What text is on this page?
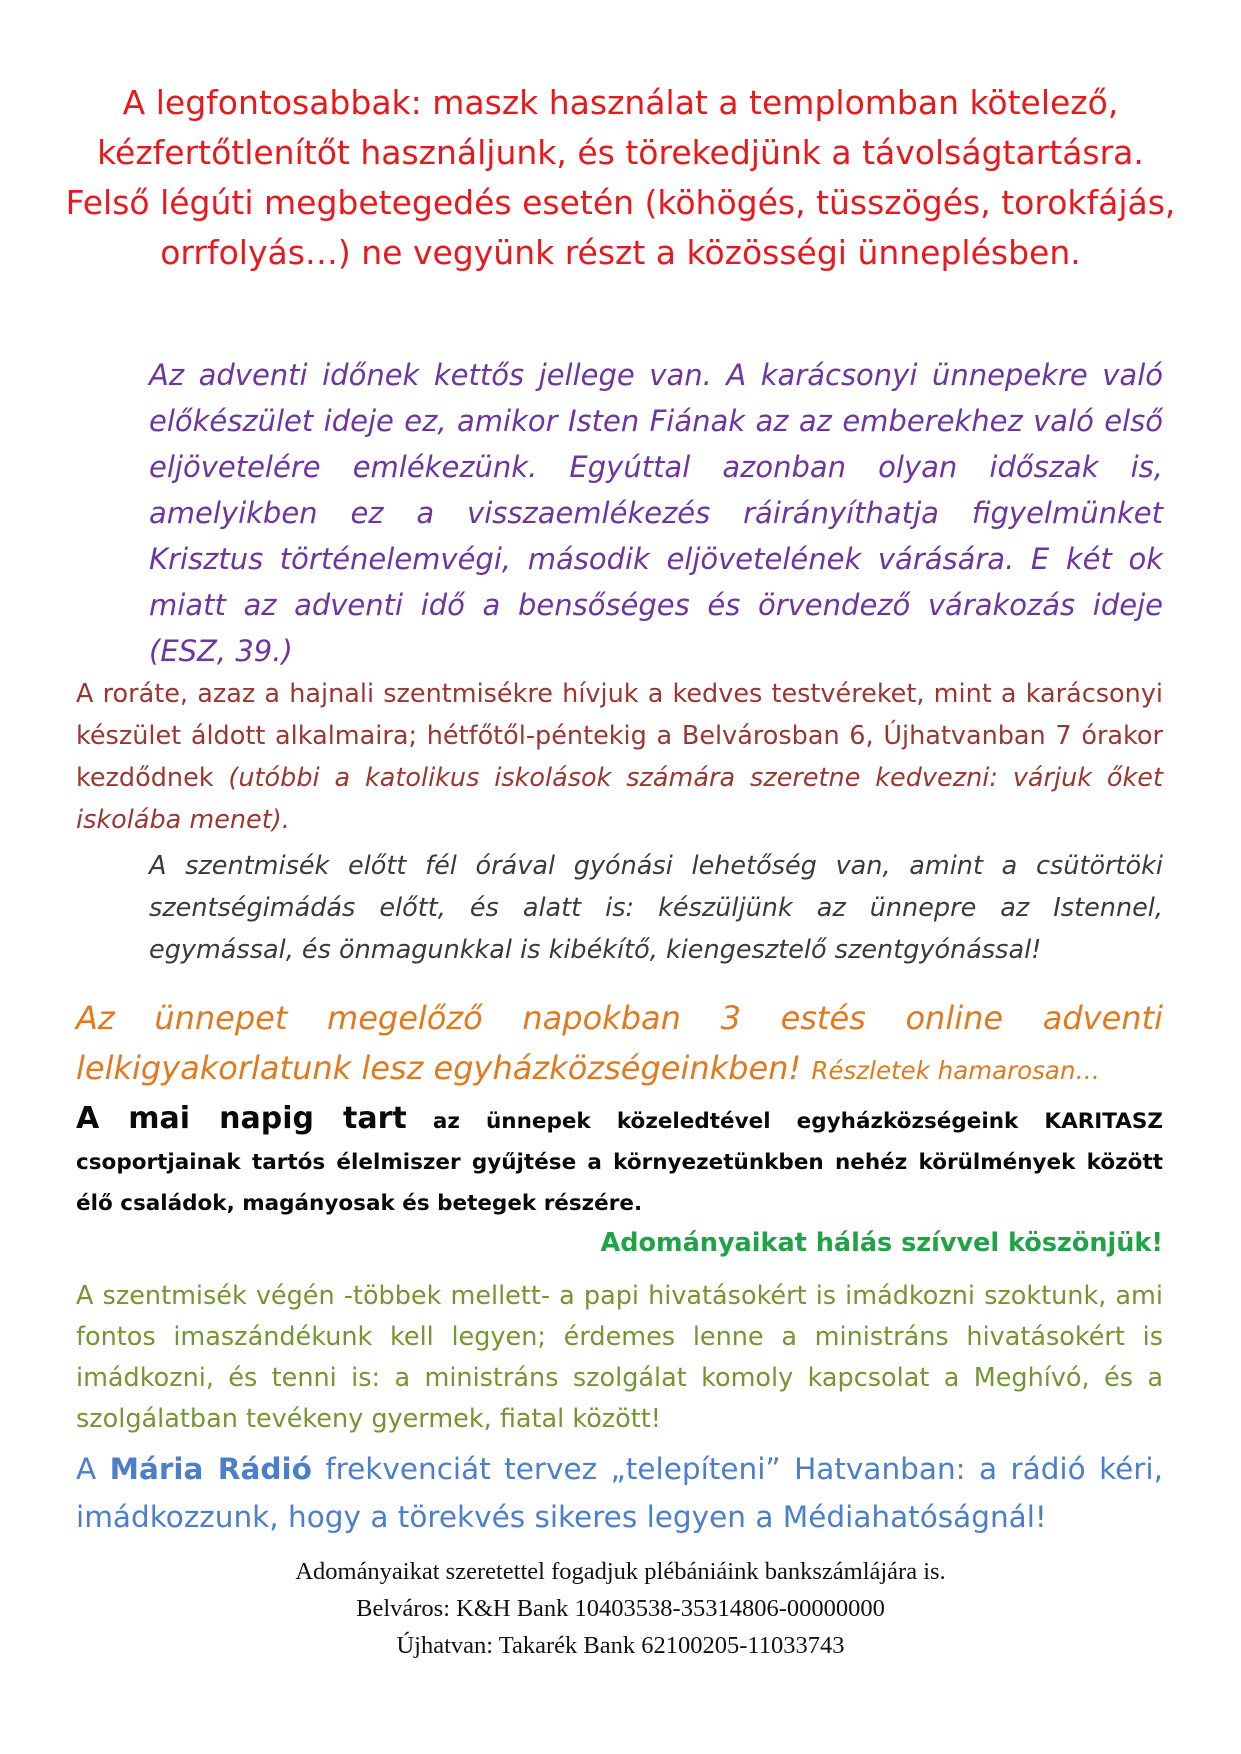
A legfontosabbak: maszk használat a templomban kötelező, kézfertőtlenítőt használjunk, és törekedjünk a távolságtartásra. Felső légúti megbetegedés esetén (köhögés, tüsszögés, torokfájás, orrfolyás…) ne vegyünk részt a közösségi ünneplésben.

Az adventi időnek kettős jellege van. A karácsonyi ünnepekre való előkészület ideje ez, amikor Isten Fiának az az emberekhez való első eljövetelére emlékezünk. Egyúttal azonban olyan időszak is, amelyikben ez a visszaemlékezés ráirányíthatja figyelmünket Krisztus történelemvégi, második eljövetelének várására. E két ok miatt az adventi idő a bensőséges és örvendező várakozás ideje (ESZ, 39.)

A roráte, azaz a hajnali szentmisékre hívjuk a kedves testvéreket, mint a karácsonyi készület áldott alkalmaira; hétfőtől-péntekig a Belvárosban 6, Újhatvanban 7 órakor kezdődnek (utóbbi a katolikus iskolások számára szeretne kedvezni: várjuk őket iskolába menet).

A szentmisék előtt fél órával gyónási lehetőség van, amint a csütörtöki szentségimádás előtt, és alatt is: készüljünk az ünnepre az Istennel, egymással, és önmagunkkal is kibékítő, kiengesztelő szentgyónással!

Az ünnepet megelőző napokban 3 estés online adventi lelkigyakorlatunk lesz egyházközségeinkben! Részletek hamarosan…

A mai napig tart az ünnepek közeledtével egyházközségeink KARITASZ csoportjainak tartós élelmiszer gyűjtése a környezetünkben nehéz körülmények között élő családok, magányosak és betegek részére.

Adományaikat hálás szívvel köszönjük!

A szentmisék végén -többek mellett- a papi hivatásokért is imádkozni szoktunk, ami fontos imaszándékunk kell legyen; érdemes lenne a ministráns hivatásokért is imádkozni, és tenni is: a ministráns szolgálat komoly kapcsolat a Meghívó, és a szolgálatban tevékeny gyermek, fiatal között!

A Mária Rádió frekvenciát tervez „telepíteni” Hatvanban: a rádió kéri, imádkozzunk, hogy a törekvés sikeres legyen a Médiahatóságnál!

Adományaikat szeretettel fogadjuk plébániáink bankszámlájára is.
Belváros: K&H Bank 10403538-35314806-00000000
Újhatvan: Takarék Bank 62100205-11033743
